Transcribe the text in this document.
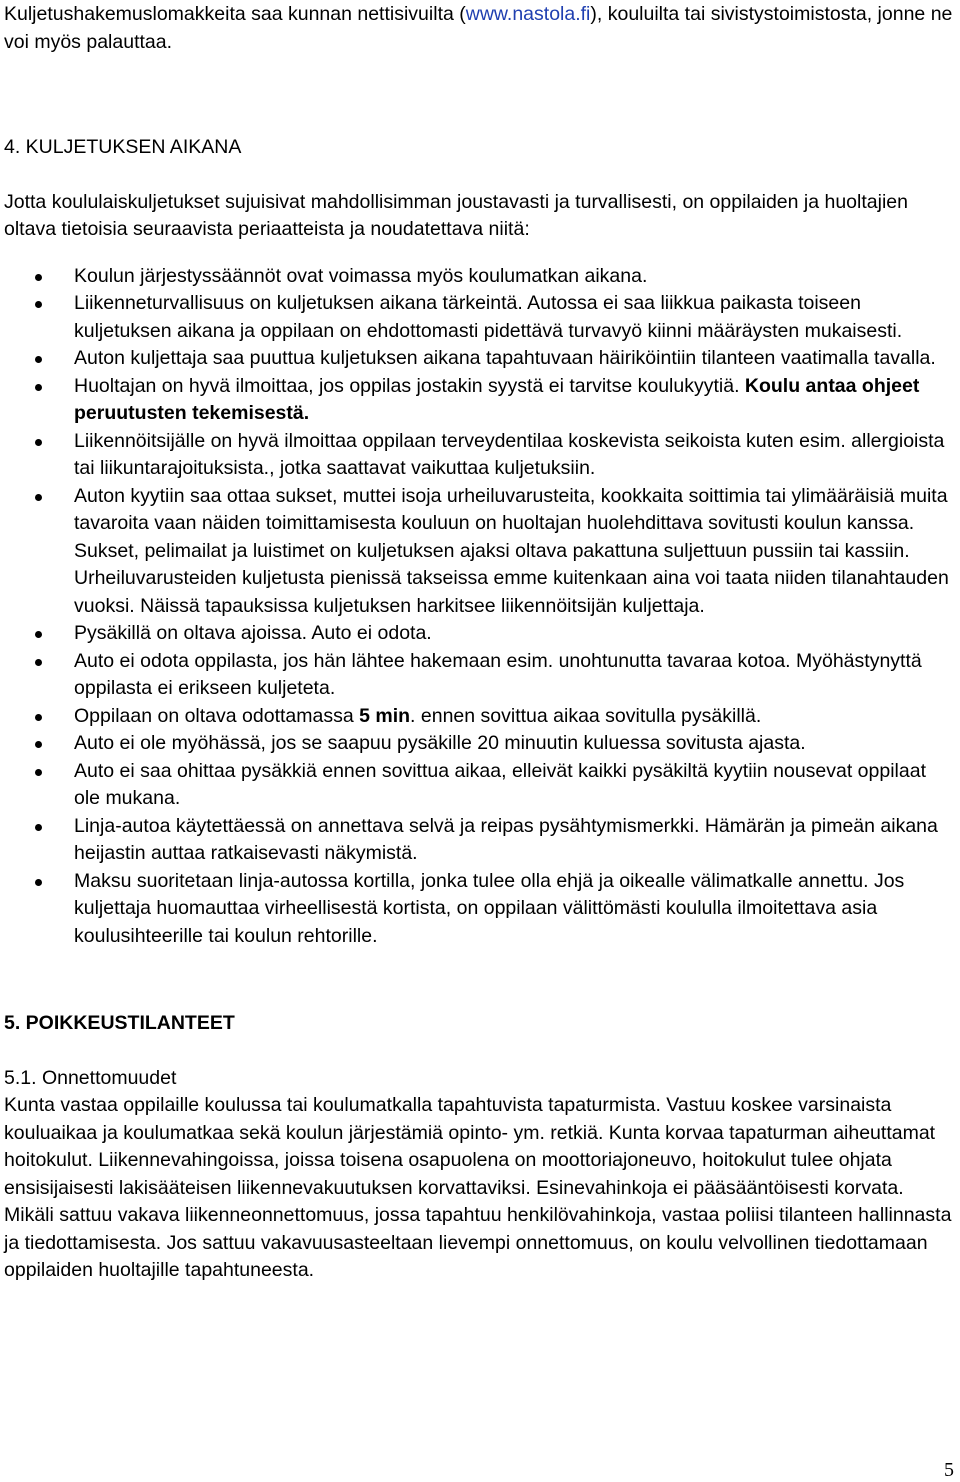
Kuljetushakemuslomakkeita saa kunnan nettisivuilta (www.nastola.fi), kouluilta tai sivistystoimistosta, jonne ne voi myös palauttaa.

4. KULJETUKSEN AIKANA

Jotta koululaiskuljetukset sujuisivat mahdollisimman joustavasti ja turvallisesti, on oppilaiden ja huoltajien oltava tietoisia seuraavista periaatteista ja noudatettava niitä:

Koulun järjestyssäännöt ovat voimassa myös koulumatkan aikana.
Liikenneturvallisuus on kuljetuksen aikana tärkeintä. Autossa ei saa liikkua paikasta toiseen kuljetuksen aikana ja oppilaan on ehdottomasti pidettävä turvavyö kiinni määräysten mukaisesti.
Auton kuljettaja saa puuttua kuljetuksen aikana tapahtuvaan häiriköintiin tilanteen vaatimalla tavalla.
Huoltajan on hyvä ilmoittaa, jos oppilas jostakin syystä ei tarvitse koulukyytiä. Koulu antaa ohjeet peruutusten tekemisestä.
Liikennöitsijälle on hyvä ilmoittaa oppilaan terveydentilaa koskevista seikoista kuten esim. allergioista tai liikuntarajoituksista., jotka saattavat vaikuttaa kuljetuksiin.
Auton kyytiin saa ottaa sukset, muttei isoja urheiluvarusteita, kookkaita soittimia tai ylimääräisiä muita tavaroita vaan näiden toimittamisesta kouluun on huoltajan huolehdittava sovitusti koulun kanssa. Sukset, pelimailat ja luistimet on kuljetuksen ajaksi oltava pakattuna suljettuun pussiin tai kassiin. Urheiluvarusteiden kuljetusta pienissä takseissa emme kuitenkaan aina voi taata niiden tilanahtauden vuoksi. Näissä tapauksissa kuljetuksen harkitsee liikennöitsijän kuljettaja.
Pysäkillä on oltava ajoissa. Auto ei odota.
Auto ei odota oppilasta, jos hän lähtee hakemaan esim. unohtunutta tavaraa kotoa. Myöhästynyttä oppilasta ei erikseen kuljeteta.
Oppilaan on oltava odottamassa 5 min. ennen sovittua aikaa sovitulla pysäkillä.
Auto ei ole myöhässä, jos se saapuu pysäkille 20 minuutin kuluessa sovitusta ajasta.
Auto ei saa ohittaa pysäkkiä ennen sovittua aikaa, elleivät kaikki pysäkiltä kyytiin nousevat oppilaat ole mukana.
Linja-autoa käytettäessä on annettava selvä ja reipas pysähtymismerkki. Hämärän ja pimeän aikana heijastin auttaa ratkaisevasti näkymistä.
Maksu suoritetaan linja-autossa kortilla, jonka tulee olla ehjä ja oikealle välimatkalle annettu. Jos kuljettaja huomauttaa virheellisestä kortista, on oppilaan välittömästi koululla ilmoitettava asia koulusihteerille tai koulun rehtorille.
5. POIKKEUSTILANTEET

5.1. Onnettomuudet

Kunta vastaa oppilaille koulussa tai koulumatkalla tapahtuvista tapaturmista. Vastuu koskee varsinaista kouluaikaa ja koulumatkaa sekä koulun järjestämiä opinto- ym. retkiä. Kunta korvaa tapaturman aiheuttamat hoitokulut. Liikennevahingoissa, joissa toisena osapuolena on moottoriajoneuvo, hoitokulut tulee ohjata ensisijaisesti lakisääteisen liikennevakuutuksen korvattaviksi. Esinevahinkoja ei pääsääntöisesti korvata. Mikäli sattuu vakava liikenneonnettomuus, jossa tapahtuu henkilövahinkoja, vastaa poliisi tilanteen hallinnasta ja tiedottamisesta. Jos sattuu vakavuusasteeltaan lievempi onnettomuus, on koulu velvollinen tiedottamaan oppilaiden huoltajille tapahtuneesta.

5
